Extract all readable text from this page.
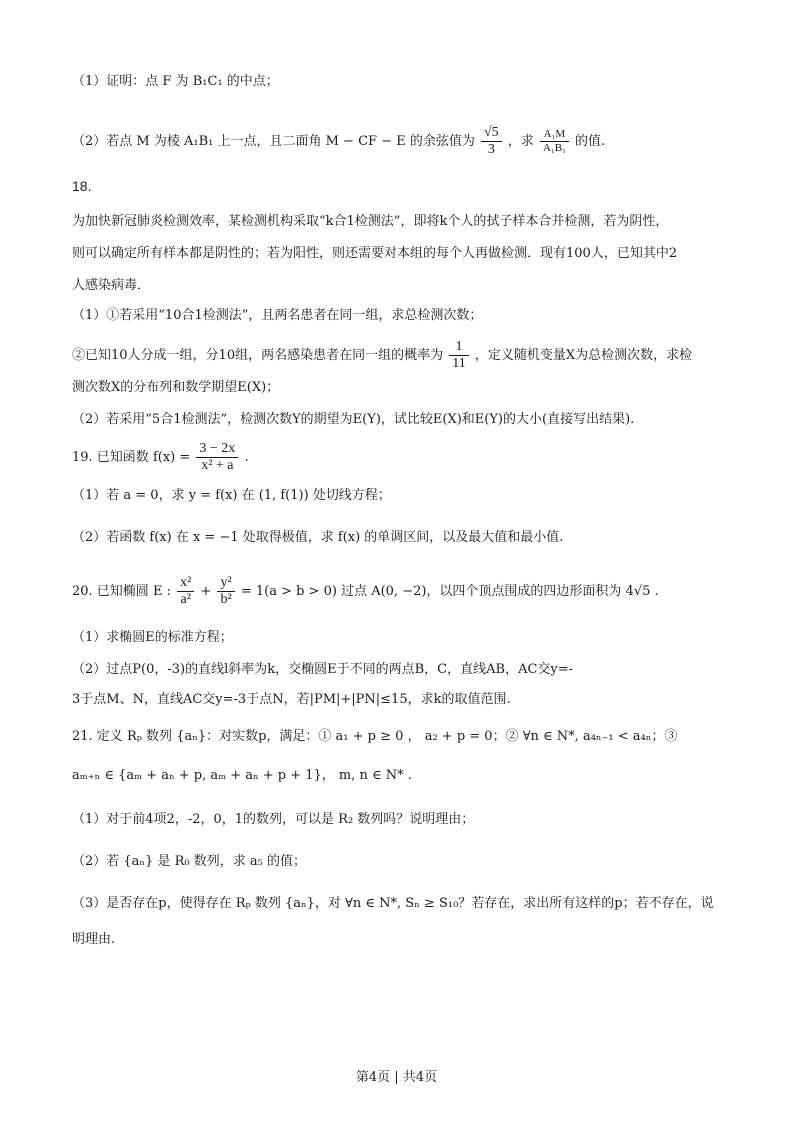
（1）证明：点 F 为 B₁C₁ 的中点；
（2）若点 M 为棱 A₁B₁ 上一点，且二面角 M − CF − E 的余弦值为 $\frac{√5}{3}$ ，求 $\frac{\text{A₁M}}{\text{A₁B₁}}$ 的值.
18.
为加快新冠肺炎检测效率，某检测机构采取“k合1检测法”，即将k个人的拭子样本合并检测，若为阴性，
则可以确定所有样本都是阴性的；若为阳性，则还需要对本组的每个人再做检测．现有100人，已知其中2
人感染病毒．
（1）①若采用“10合1检测法”，且两名患者在同一组，求总检测次数；
②已知10人分成一组，分10组，两名感染患者在同一组的概率为 $\frac{1}{11}$ ，定义随机变量X为总检测次数，求检
测次数X的分布列和数学期望E(X)；
（2）若采用“5合1检测法”，检测次数Y的期望为E(Y)，试比较E(X)和E(Y)的大小(直接写出结果).
19. 已知函数 $f(x) = \frac{3 - 2x}{\text{x² + a}}$ .
（1）若 a = 0，求 y = f(x) 在 (1, f(1)) 处切线方程；
（2）若函数 f(x) 在 x = −1 处取得极值，求 f(x) 的单调区间，以及最大值和最小值.
20. 已知椭圆 E : $\frac{\text{x²}}{\text{a²}} + \frac{\text{y²}}{\text{b²}} = 1(a > b > 0)$ 过点 A(0, −2)，以四个顶点围成的四边形面积为 4√5 .
（1）求椭圆E的标准方程；
（2）过点P(0，-3)的直线l斜率为k，交椭圆E于不同的两点B，C，直线AB，AC交y=-
3于点M、N，直线AC交y=-3于点N，若|PM|+|PN|≤15，求k的取值范围.
21. 定义 Rₚ 数列 {aₙ}：对实数p，满足：① a₁ + p ≥ 0 ， a₂ + p = 0；② ∀n ∈ N*, a₄ₙ₋₁ < a₄ₙ；③
aₘ₊ₙ ∈ {aₘ + aₙ + p, aₘ + aₙ + p + 1}， m, n ∈ N* .
（1）对于前4项2，-2，0，1的数列，可以是 R₂ 数列吗？说明理由；
（2）若 {aₙ} 是 R₀ 数列，求 a₅ 的值；
（3）是否存在p，使得存在 Rₚ 数列 {aₙ}，对 ∀n ∈ N*, Sₙ ≥ S₁₀？若存在，求出所有这样的p；若不存在，说
明理由.
第4页 | 共4页
